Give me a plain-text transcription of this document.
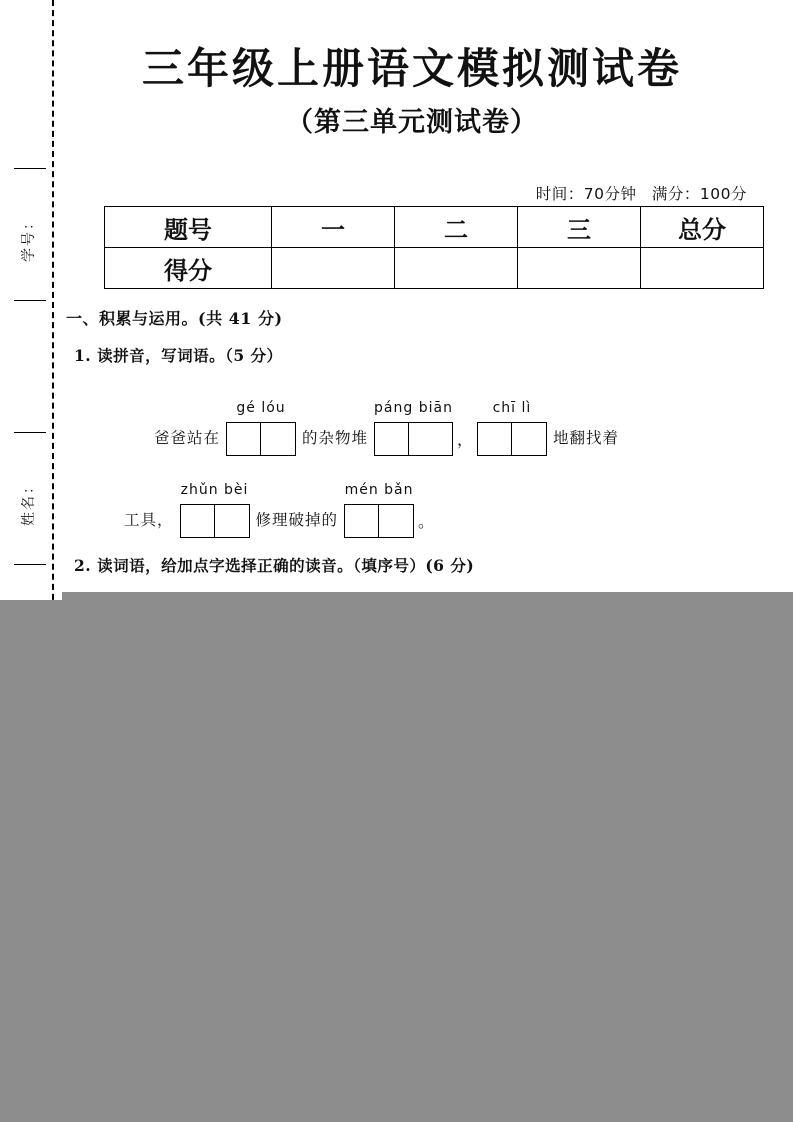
学号：
姓名：
三年级上册语文模拟测试卷
（第三单元测试卷）
时间：70分钟 满分：100分
题号	一	二	三	总分
得分				
一、积累与运用。(共 41 分)
1. 读拼音，写词语。（5 分）
爸爸站在
gé lóu
的杂物堆
páng biān
，
chī lì
地翻找着
工具，
zhǔn bèi
修理破掉的
mén bǎn
。
2. 读词语，给加点字选择正确的读音。（填序号）(6 分)
